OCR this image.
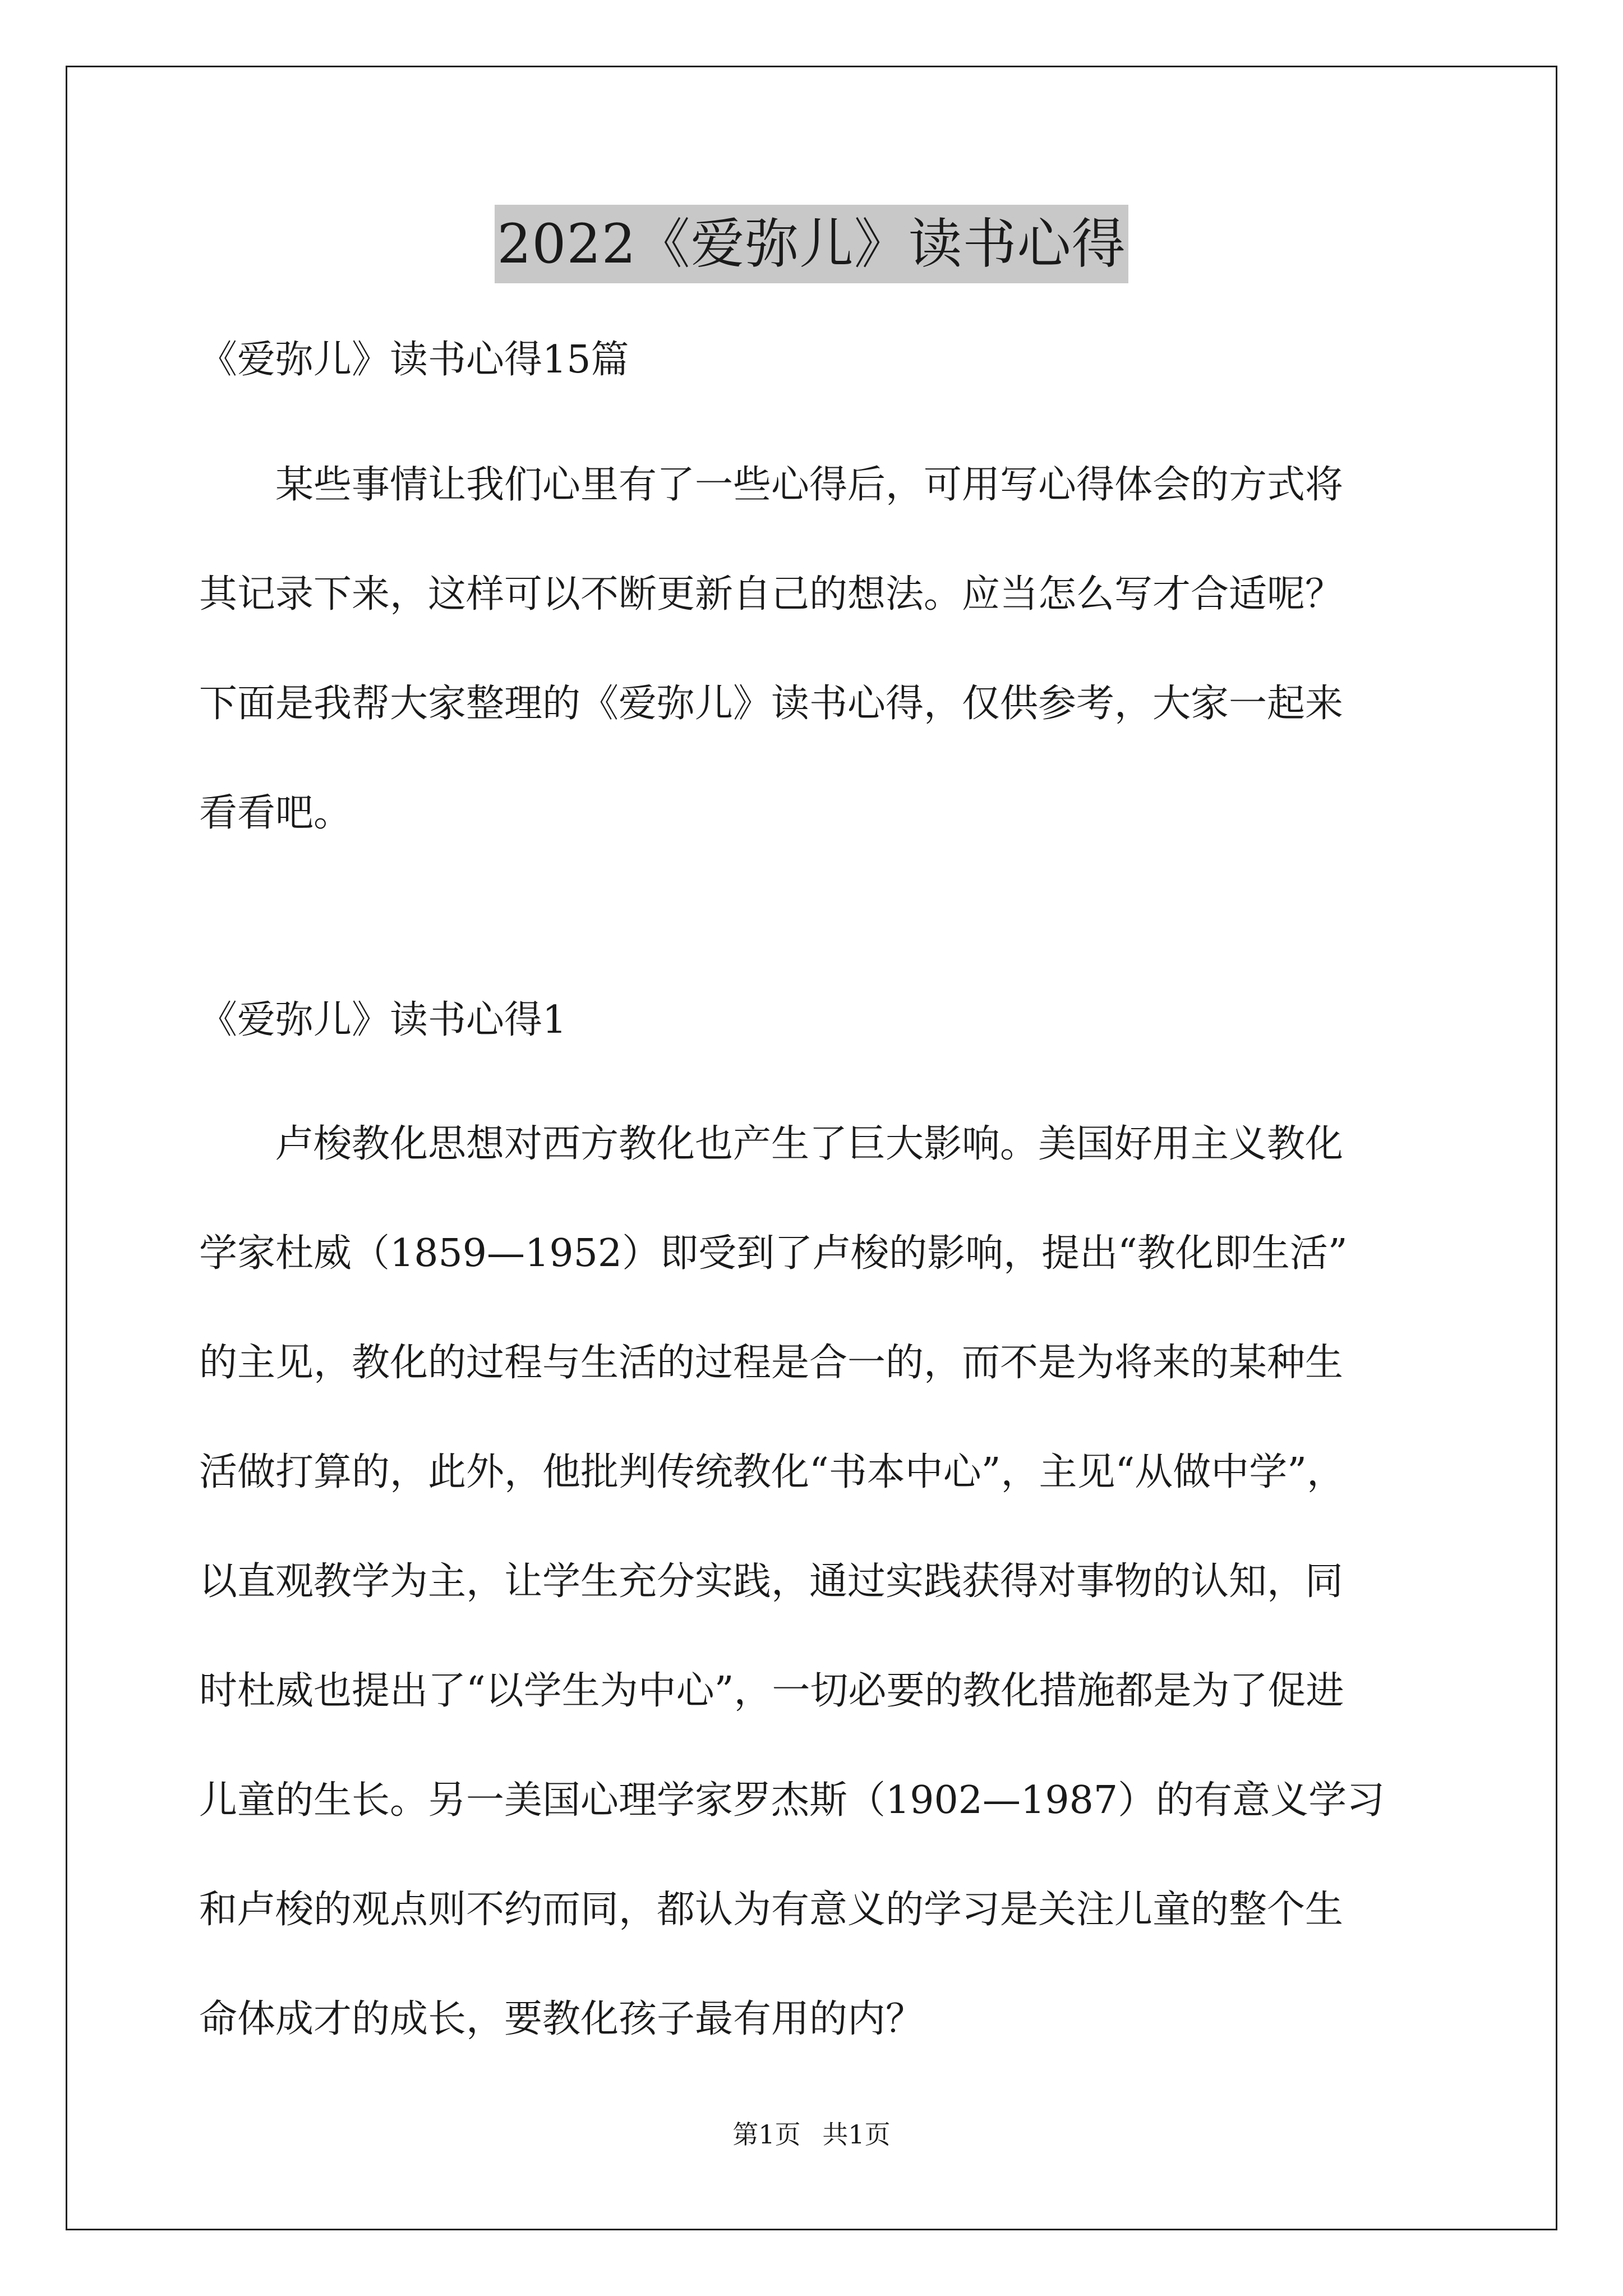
2022《爱弥儿》读书心得
《爱弥儿》读书心得15篇
　　某些事情让我们心里有了一些心得后，可用写心得体会的方式将
其记录下来，这样可以不断更新自己的想法。应当怎么写才合适呢？
下面是我帮大家整理的《爱弥儿》读书心得，仅供参考，大家一起来
看看吧。
《爱弥儿》读书心得1
　　卢梭教化思想对西方教化也产生了巨大影响。美国好用主义教化
学家杜威（1859—1952）即受到了卢梭的影响，提出“教化即生活”
的主见，教化的过程与生活的过程是合一的，而不是为将来的某种生
活做打算的，此外，他批判传统教化“书本中心”，主见“从做中学”，
以直观教学为主，让学生充分实践，通过实践获得对事物的认知，同
时杜威也提出了“以学生为中心”，一切必要的教化措施都是为了促进
儿童的生长。另一美国心理学家罗杰斯（1902—1987）的有意义学习
和卢梭的观点则不约而同，都认为有意义的学习是关注儿童的整个生
命体成才的成长，要教化孩子最有用的内？
第1页 共1页
